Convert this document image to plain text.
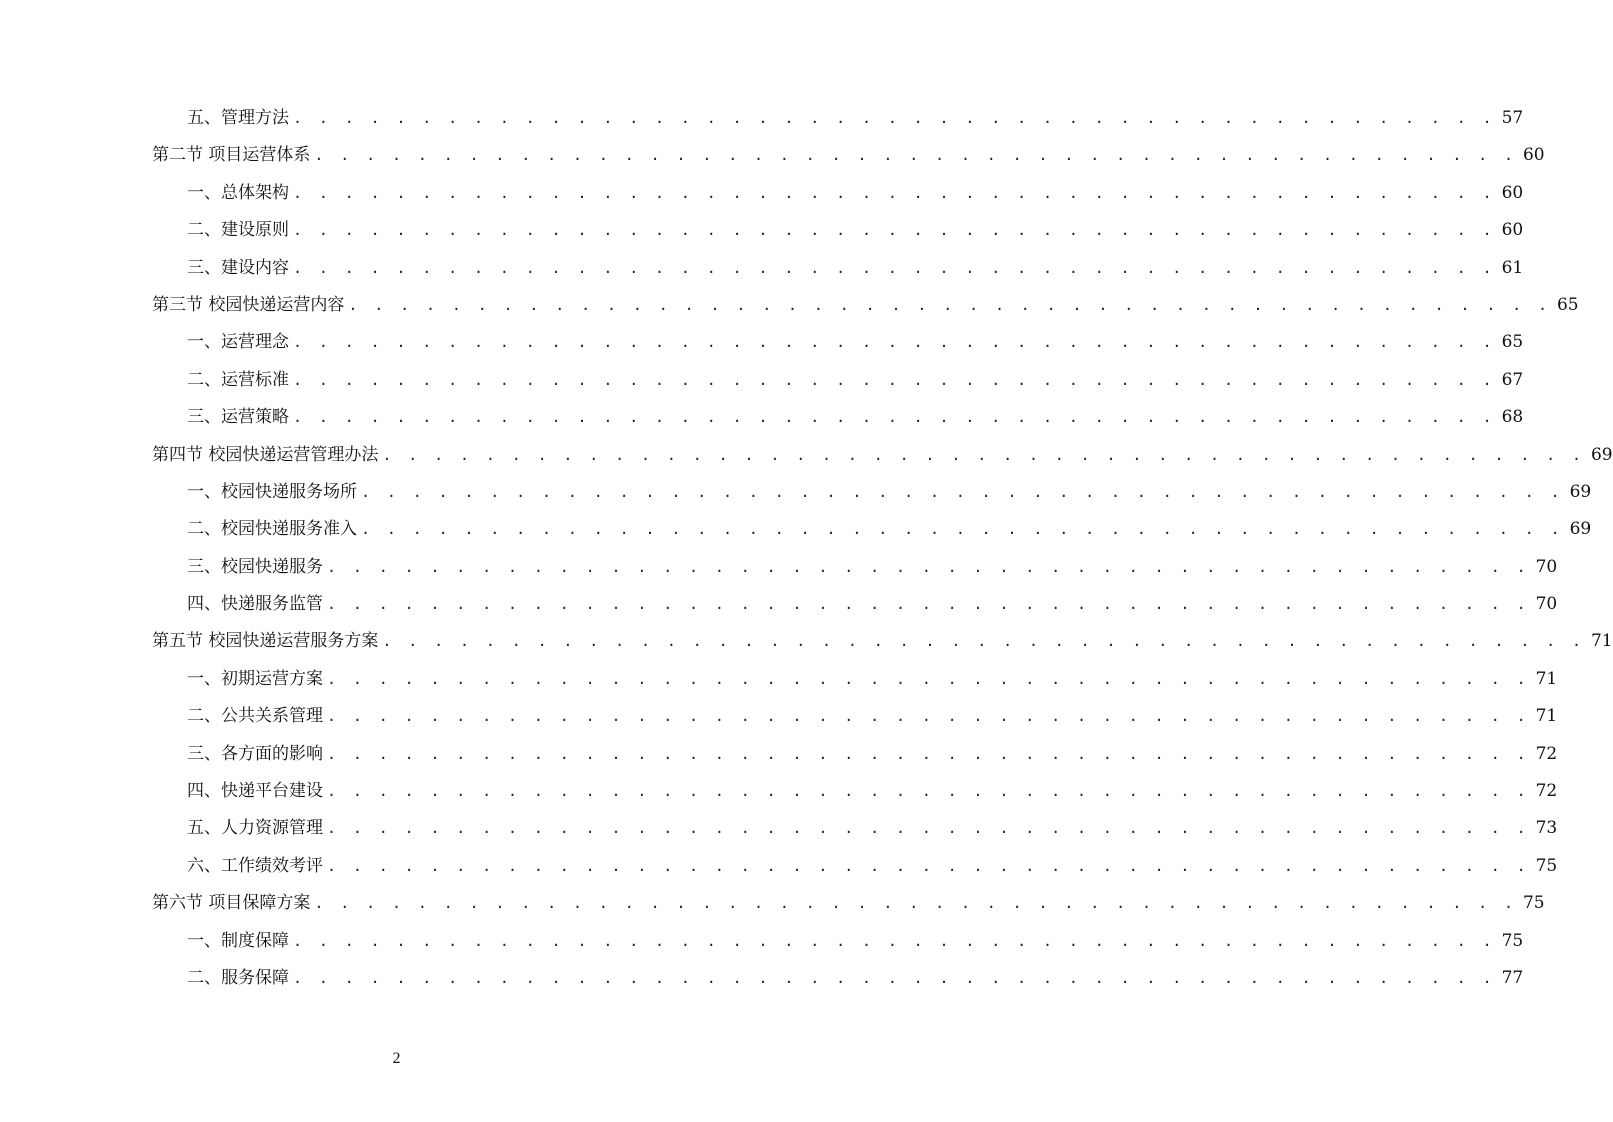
五、管理方法 . . . . . . . . . . . . . . . . . . . . . . . . . . . . . . . . . . . . . . . . . . . . . . . 57
第二节 项目运营体系 . . . . . . . . . . . . . . . . . . . . . . . . . . . . . . . . . . . . . . . . . . . . . . . 60
一、总体架构 . . . . . . . . . . . . . . . . . . . . . . . . . . . . . . . . . . . . . . . . . . . . . . . 60
二、建设原则 . . . . . . . . . . . . . . . . . . . . . . . . . . . . . . . . . . . . . . . . . . . . . . . 60
三、建设内容 . . . . . . . . . . . . . . . . . . . . . . . . . . . . . . . . . . . . . . . . . . . . . . . 61
第三节 校园快递运营内容 . . . . . . . . . . . . . . . . . . . . . . . . . . . . . . . . . . . . . . . . . . . . . . . 65
一、运营理念 . . . . . . . . . . . . . . . . . . . . . . . . . . . . . . . . . . . . . . . . . . . . . . . 65
二、运营标准 . . . . . . . . . . . . . . . . . . . . . . . . . . . . . . . . . . . . . . . . . . . . . . . 67
三、运营策略 . . . . . . . . . . . . . . . . . . . . . . . . . . . . . . . . . . . . . . . . . . . . . . . 68
第四节 校园快递运营管理办法 . . . . . . . . . . . . . . . . . . . . . . . . . . . . . . . . . . . . . . . . . . . . . . . 69
一、校园快递服务场所 . . . . . . . . . . . . . . . . . . . . . . . . . . . . . . . . . . . . . . . . . . . . . . . 69
二、校园快递服务准入 . . . . . . . . . . . . . . . . . . . . . . . . . . . . . . . . . . . . . . . . . . . . . . . 69
三、校园快递服务 . . . . . . . . . . . . . . . . . . . . . . . . . . . . . . . . . . . . . . . . . . . . . . . 70
四、快递服务监管 . . . . . . . . . . . . . . . . . . . . . . . . . . . . . . . . . . . . . . . . . . . . . . . 70
第五节 校园快递运营服务方案 . . . . . . . . . . . . . . . . . . . . . . . . . . . . . . . . . . . . . . . . . . . . . . . 71
一、初期运营方案 . . . . . . . . . . . . . . . . . . . . . . . . . . . . . . . . . . . . . . . . . . . . . . . 71
二、公共关系管理 . . . . . . . . . . . . . . . . . . . . . . . . . . . . . . . . . . . . . . . . . . . . . . . 71
三、各方面的影响 . . . . . . . . . . . . . . . . . . . . . . . . . . . . . . . . . . . . . . . . . . . . . . . 72
四、快递平台建设 . . . . . . . . . . . . . . . . . . . . . . . . . . . . . . . . . . . . . . . . . . . . . . . 72
五、人力资源管理 . . . . . . . . . . . . . . . . . . . . . . . . . . . . . . . . . . . . . . . . . . . . . . . 73
六、工作绩效考评 . . . . . . . . . . . . . . . . . . . . . . . . . . . . . . . . . . . . . . . . . . . . . . . 75
第六节 项目保障方案 . . . . . . . . . . . . . . . . . . . . . . . . . . . . . . . . . . . . . . . . . . . . . . . 75
一、制度保障 . . . . . . . . . . . . . . . . . . . . . . . . . . . . . . . . . . . . . . . . . . . . . . . 75
二、服务保障 . . . . . . . . . . . . . . . . . . . . . . . . . . . . . . . . . . . . . . . . . . . . . . . 77
2
